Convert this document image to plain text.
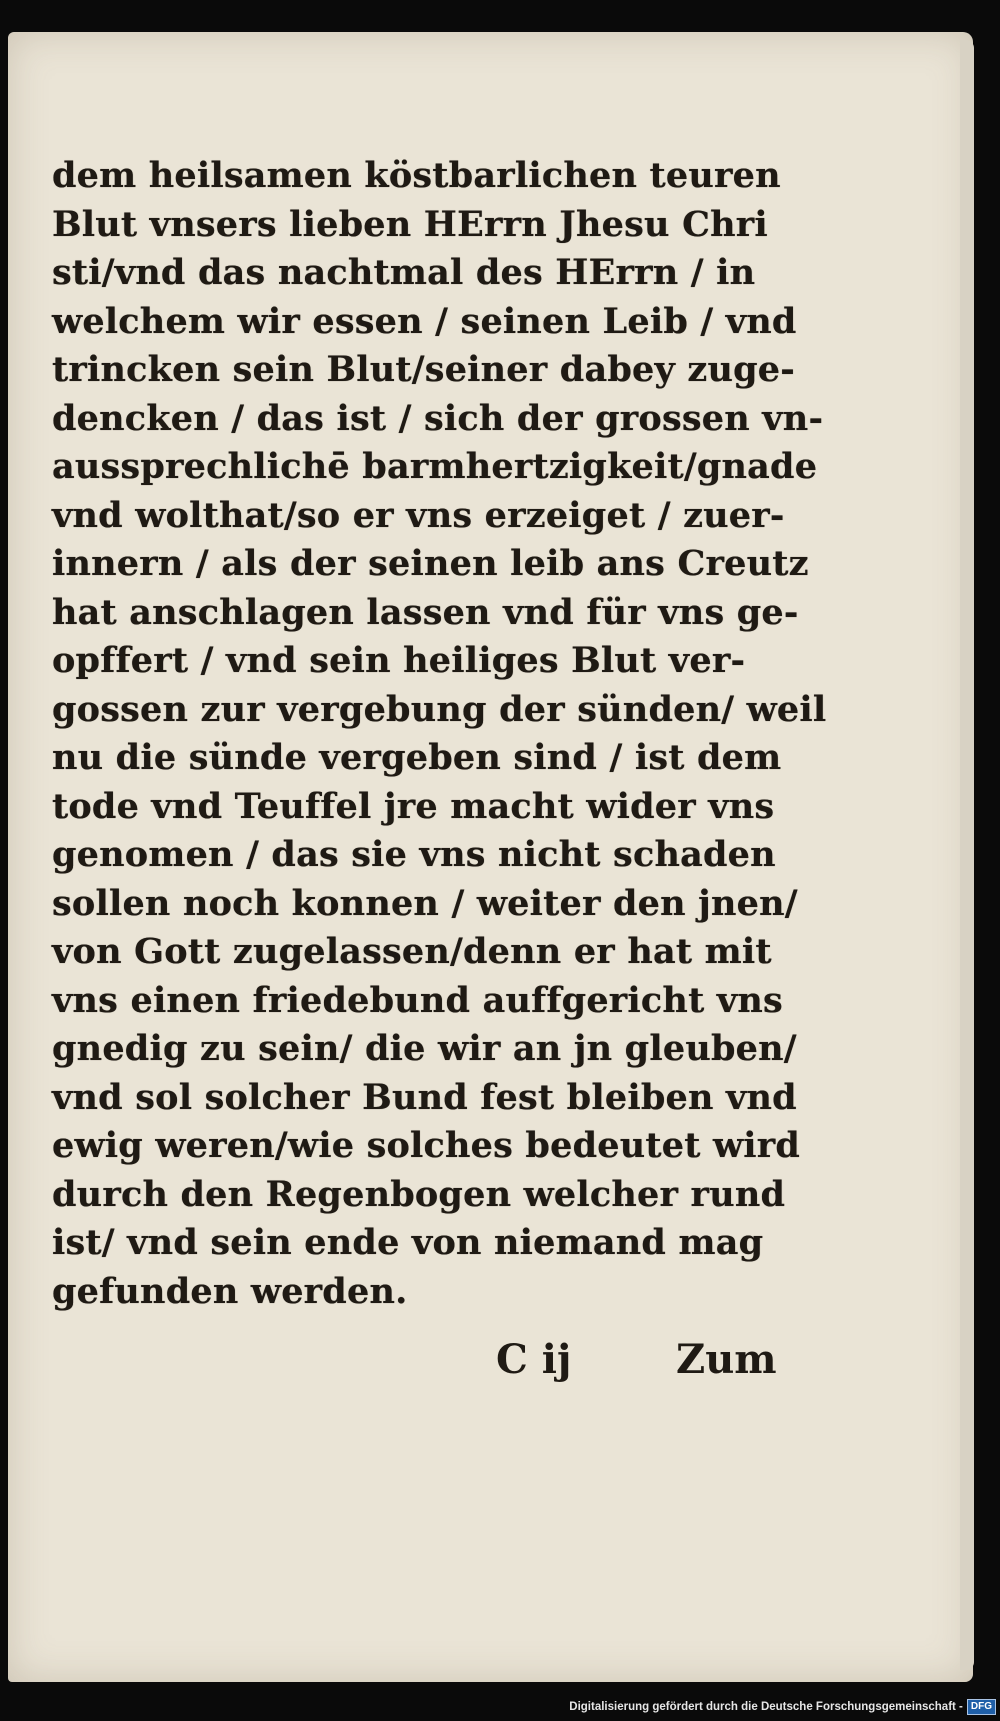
dem heilsamen köstbarlichen teuren
Blut vnsers lieben HErrn Jhesu Chri
sti/vnd das nachtmal des HErrn / in
welchem wir essen / seinen Leib / vnd
trincken sein Blut/seiner dabey zuge-
dencken / das ist / sich der grossen vn-
aussprechlichē barmhertzigkeit/gnade
vnd wolthat/so er vns erzeiget / zuer-
innern / als der seinen leib ans Creutz
hat anschlagen lassen vnd für vns ge-
opffert / vnd sein heiliges Blut ver-
gossen zur vergebung der sünden/ weil
nu die sünde vergeben sind / ist dem
tode vnd Teuffel jre macht wider vns
genomen / das sie vns nicht schaden
sollen noch konnen / weiter den jnen/
von Gott zugelassen/denn er hat mit
vns einen friedebund auffgericht vns
gnedig zu sein/ die wir an jn gleuben/
vnd sol solcher Bund fest bleiben vnd
ewig weren/wie solches bedeutet wird
durch den Regenbogen welcher rund
ist/ vnd sein ende von niemand mag
gefunden werden.
C ij	Zum
Digitalisierung gefördert durch die Deutsche Forschungsgemeinschaft - DFG
